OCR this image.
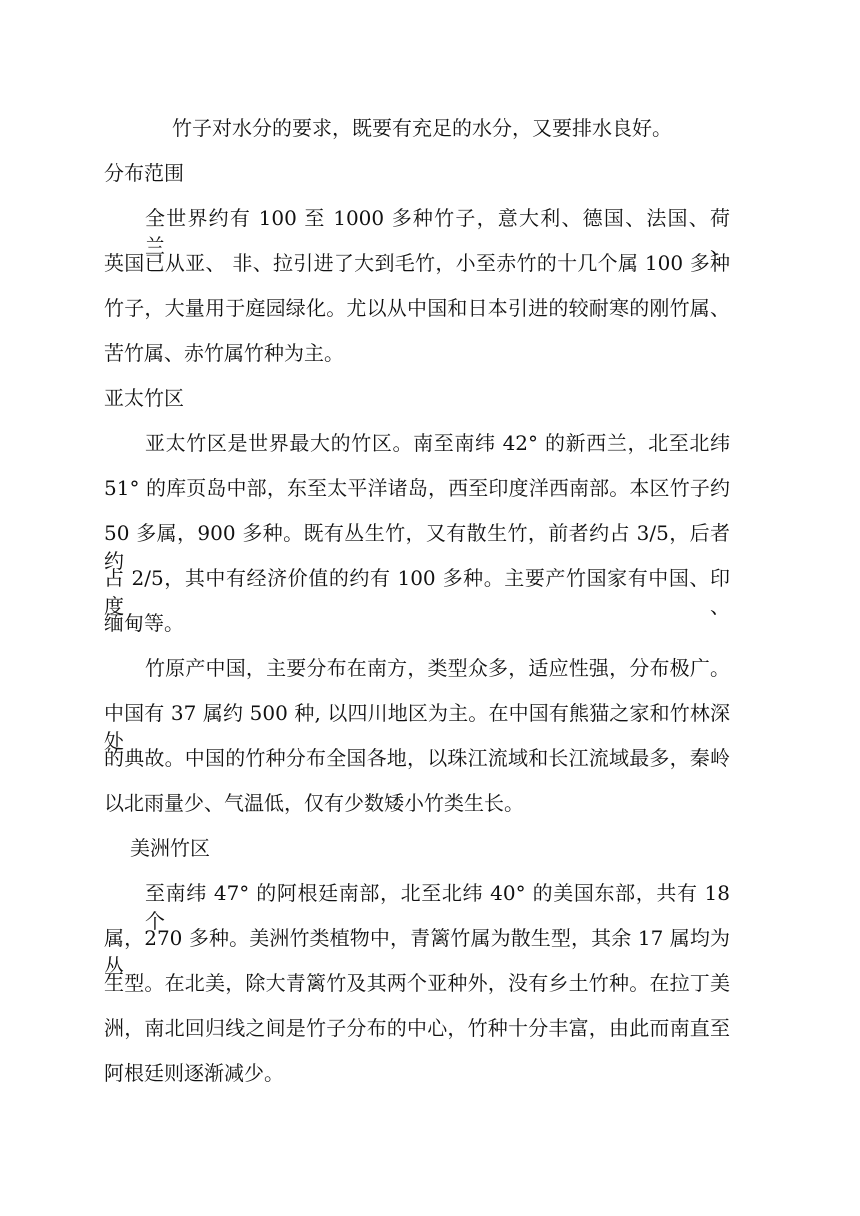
竹子对水分的要求，既要有充足的水分，又要排水良好。
分布范围
全世界约有 100 至 1000 多种竹子，意大利、德国、法国、荷兰、
英国已从亚、 非、拉引进了大到毛竹，小至赤竹的十几个属 100 多种
竹子，大量用于庭园绿化。尤以从中国和日本引进的较耐寒的刚竹属、
苦竹属、赤竹属竹种为主。
亚太竹区
亚太竹区是世界最大的竹区。南至南纬 42° 的新西兰，北至北纬
51° 的库页岛中部，东至太平洋诸岛，西至印度洋西南部。本区竹子约
50 多属，900 多种。既有丛生竹，又有散生竹，前者约占 3/5，后者约
占 2/5，其中有经济价值的约有 100 多种。主要产竹国家有中国、印度、
缅甸等。
竹原产中国，主要分布在南方，类型众多，适应性强，分布极广。
中国有 37 属约 500 种, 以四川地区为主。在中国有熊猫之家和竹林深处
的典故。中国的竹种分布全国各地，以珠江流域和长江流域最多，秦岭
以北雨量少、气温低，仅有少数矮小竹类生长。
美洲竹区
至南纬 47° 的阿根廷南部，北至北纬 40° 的美国东部，共有 18 个
属，270 多种。美洲竹类植物中，青篱竹属为散生型，其余 17 属均为丛
生型。在北美，除大青篱竹及其两个亚种外，没有乡土竹种。在拉丁美
洲，南北回归线之间是竹子分布的中心，竹种十分丰富，由此而南直至
阿根廷则逐渐减少。
